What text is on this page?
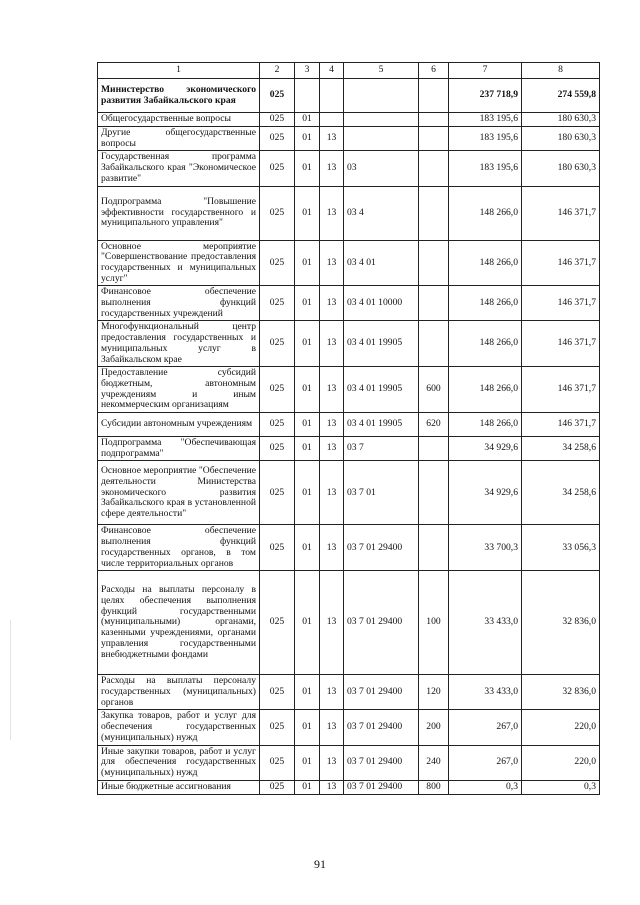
1	2	3	4	5	6	7	8
Министерство экономического развития Забайкальского края	025					237 718,9	274 559,8
Общегосударственные вопросы	025	01				183 195,6	180 630,3
Другие общегосударственные вопросы	025	01	13			183 195,6	180 630,3
Государственная программа Забайкальского края "Экономическое развитие"	025	01	13	03		183 195,6	180 630,3
Подпрограмма "Повышение эффективности государственного и муниципального управления"	025	01	13	03 4		148 266,0	146 371,7
Основное мероприятие "Совершенствование предоставления государственных и муниципальных услуг"	025	01	13	03 4 01		148 266,0	146 371,7
Финансовое обеспечение выполнения функций государственных учреждений	025	01	13	03 4 01 10000		148 266,0	146 371,7
Многофункциональный центр предоставления государственных и муниципальных услуг в Забайкальском крае	025	01	13	03 4 01 19905		148 266,0	146 371,7
Предоставление субсидий бюджетным, автономным учреждениям и иным некоммерческим организациям	025	01	13	03 4 01 19905	600	148 266,0	146 371,7
Субсидии автономным учреждениям	025	01	13	03 4 01 19905	620	148 266,0	146 371,7
Подпрограмма "Обеспечивающая подпрограмма"	025	01	13	03 7		34 929,6	34 258,6
Основное мероприятие "Обеспечение деятельности Министерства экономического развития Забайкальского края в установленной сфере деятельности"	025	01	13	03 7 01		34 929,6	34 258,6
Финансовое обеспечение выполнения функций государственных органов, в том числе территориальных органов	025	01	13	03 7 01 29400		33 700,3	33 056,3
Расходы на выплаты персоналу в целях обеспечения выполнения функций государственными (муниципальными) органами, казенными учреждениями, органами управления государственными внебюджетными фондами	025	01	13	03 7 01 29400	100	33 433,0	32 836,0
Расходы на выплаты персоналу государственных (муниципальных) органов	025	01	13	03 7 01 29400	120	33 433,0	32 836,0
Закупка товаров, работ и услуг для обеспечения государственных (муниципальных) нужд	025	01	13	03 7 01 29400	200	267,0	220,0
Иные закупки товаров, работ и услуг для обеспечения государственных (муниципальных) нужд	025	01	13	03 7 01 29400	240	267,0	220,0
Иные бюджетные ассигнования	025	01	13	03 7 01 29400	800	0,3	0,3
91
